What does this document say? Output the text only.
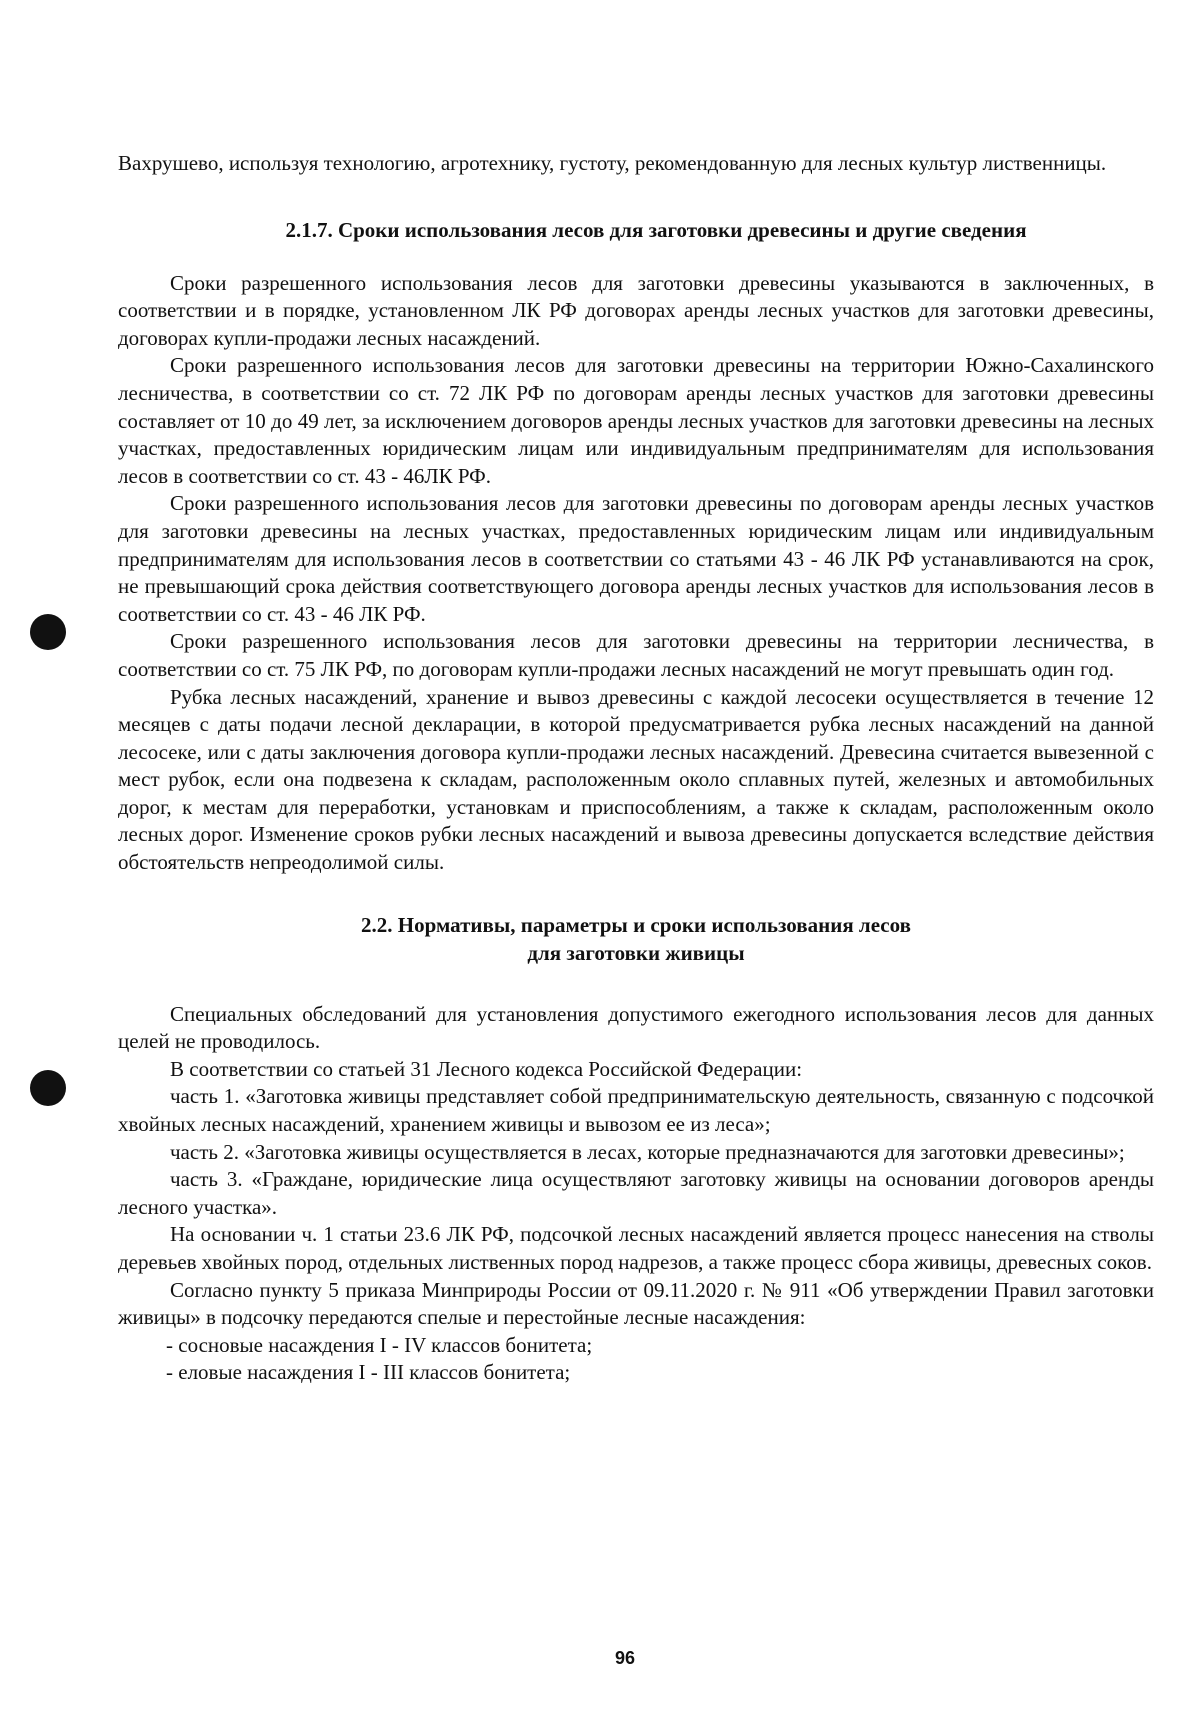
Вахрушево, используя технологию, агротехнику, густоту, рекомендованную для лесных культур лиственницы.

2.1.7. Сроки использования лесов для заготовки древесины и другие сведения

Сроки разрешенного использования лесов для заготовки древесины указываются в заключенных, в соответствии и в порядке, установленном ЛК РФ договорах аренды лесных участков для заготовки древесины, договорах купли-продажи лесных насаждений.

Сроки разрешенного использования лесов для заготовки древесины на территории Южно-Сахалинского лесничества, в соответствии со ст. 72 ЛК РФ по договорам аренды лесных участков для заготовки древесины составляет от 10 до 49 лет, за исключением договоров аренды лесных участков для заготовки древесины на лесных участках, предоставленных юридическим лицам или индивидуальным предпринимателям для использования лесов в соответствии со ст. 43 - 46ЛК РФ.

Сроки разрешенного использования лесов для заготовки древесины по договорам аренды лесных участков для заготовки древесины на лесных участках, предоставленных юридическим лицам или индивидуальным предпринимателям для использования лесов в соответствии со статьями 43 - 46 ЛК РФ устанавливаются на срок, не превышающий срока действия соответствующего договора аренды лесных участков для использования лесов в соответствии со ст. 43 - 46 ЛК РФ.

Сроки разрешенного использования лесов для заготовки древесины на территории лесничества, в соответствии со ст. 75 ЛК РФ, по договорам купли-продажи лесных насаждений не могут превышать один год.

Рубка лесных насаждений, хранение и вывоз древесины с каждой лесосеки осуществляется в течение 12 месяцев с даты подачи лесной декларации, в которой предусматривается рубка лесных насаждений на данной лесосеке, или с даты заключения договора купли-продажи лесных насаждений. Древесина считается вывезенной с мест рубок, если она подвезена к складам, расположенным около сплавных путей, железных и автомобильных дорог, к местам для переработки, установкам и приспособлениям, а также к складам, расположенным около лесных дорог. Изменение сроков рубки лесных насаждений и вывоза древесины допускается вследствие действия обстоятельств непреодолимой силы.

2.2. Нормативы, параметры и сроки использования лесов
для заготовки живицы

Специальных обследований для установления допустимого ежегодного использования лесов для данных целей не проводилось.

В соответствии со статьей 31 Лесного кодекса Российской Федерации:

часть 1. «Заготовка живицы представляет собой предпринимательскую деятельность, связанную с подсочкой хвойных лесных насаждений, хранением живицы и вывозом ее из леса»;

часть 2. «Заготовка живицы осуществляется в лесах, которые предназначаются для заготовки древесины»;

часть 3. «Граждане, юридические лица осуществляют заготовку живицы на основании договоров аренды лесного участка».

На основании ч. 1 статьи 23.6 ЛК РФ, подсочкой лесных насаждений является процесс нанесения на стволы деревьев хвойных пород, отдельных лиственных пород надрезов, а также процесс сбора живицы, древесных соков.

Согласно пункту 5 приказа Минприроды России от 09.11.2020 г. № 911 «Об утверждении Правил заготовки живицы» в подсочку передаются спелые и перестойные лесные насаждения:

- сосновые насаждения I - IV классов бонитета;

- еловые насаждения I - III классов бонитета;

96
